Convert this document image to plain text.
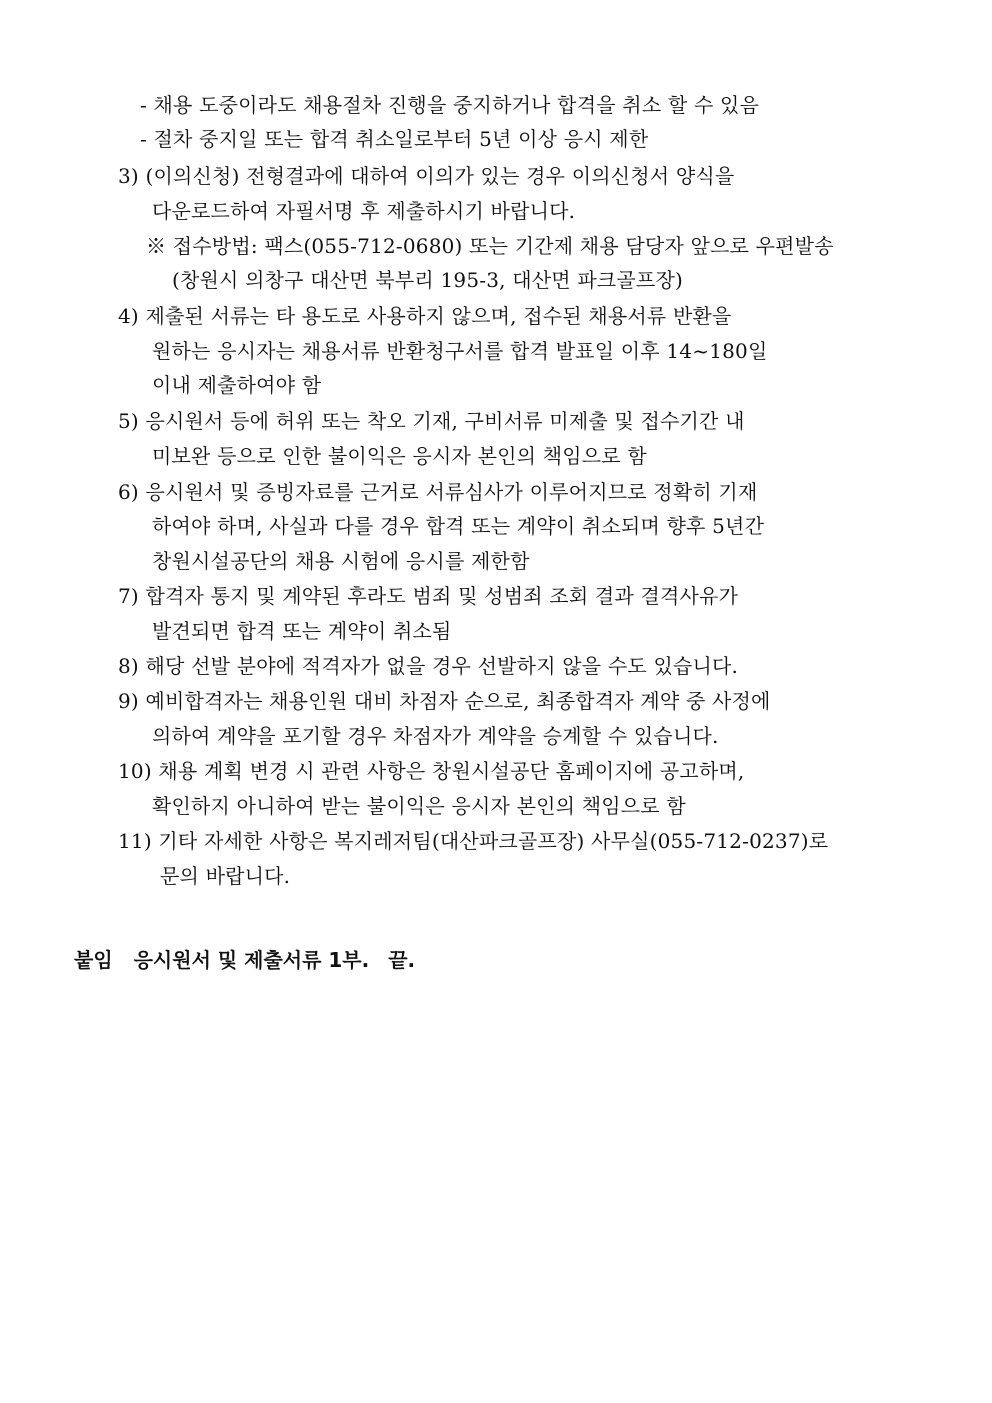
- 채용 도중이라도 채용절차 진행을 중지하거나 합격을 취소 할 수 있음
- 절차 중지일 또는 합격 취소일로부터 5년 이상 응시 제한
3) (이의신청) 전형결과에 대하여 이의가 있는 경우 이의신청서 양식을
다운로드하여 자필서명 후 제출하시기 바랍니다.
※ 접수방법: 팩스(055-712-0680) 또는 기간제 채용 담당자 앞으로 우편발송
(창원시 의창구 대산면 북부리 195-3, 대산면 파크골프장)
4) 제출된 서류는 타 용도로 사용하지 않으며, 접수된 채용서류 반환을
원하는 응시자는 채용서류 반환청구서를 합격 발표일 이후 14~180일
이내 제출하여야 함
5) 응시원서 등에 허위 또는 착오 기재, 구비서류 미제출 및 접수기간 내
미보완 등으로 인한 불이익은 응시자 본인의 책임으로 함
6) 응시원서 및 증빙자료를 근거로 서류심사가 이루어지므로 정확히 기재
하여야 하며, 사실과 다를 경우 합격 또는 계약이 취소되며 향후 5년간
창원시설공단의 채용 시험에 응시를 제한함
7) 합격자 통지 및 계약된 후라도 범죄 및 성범죄 조회 결과 결격사유가
발견되면 합격 또는 계약이 취소됨
8) 해당 선발 분야에 적격자가 없을 경우 선발하지 않을 수도 있습니다.
9) 예비합격자는 채용인원 대비 차점자 순으로, 최종합격자 계약 중 사정에
의하여 계약을 포기할 경우 차점자가 계약을 승계할 수 있습니다.
10) 채용 계획 변경 시 관련 사항은 창원시설공단 홈페이지에 공고하며,
확인하지 아니하여 받는 불이익은 응시자 본인의 책임으로 함
11) 기타 자세한 사항은 복지레저팀(대산파크골프장) 사무실(055-712-0237)로
문의 바랍니다.
붙임 응시원서 및 제출서류 1부. 끝.
